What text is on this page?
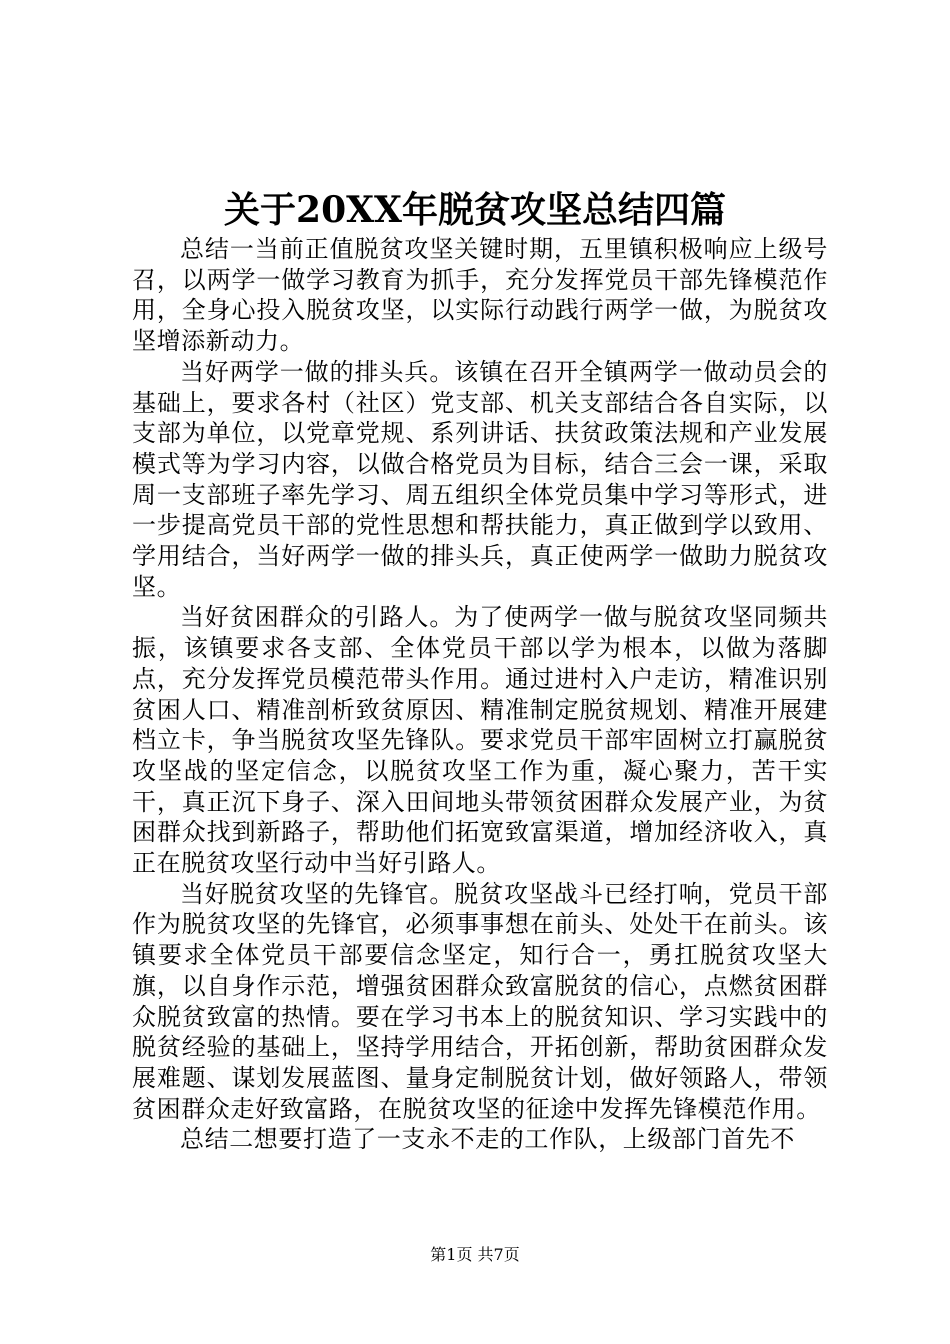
关于20XX年脱贫攻坚总结四篇

总结一当前正值脱贫攻坚关键时期，五里镇积极响应上级号召，以两学一做学习教育为抓手，充分发挥党员干部先锋模范作用，全身心投入脱贫攻坚，以实际行动践行两学一做，为脱贫攻坚增添新动力。

当好两学一做的排头兵。该镇在召开全镇两学一做动员会的基础上，要求各村（社区）党支部、机关支部结合各自实际，以支部为单位，以党章党规、系列讲话、扶贫政策法规和产业发展模式等为学习内容，以做合格党员为目标，结合三会一课，采取周一支部班子率先学习、周五组织全体党员集中学习等形式，进一步提高党员干部的党性思想和帮扶能力，真正做到学以致用、学用结合，当好两学一做的排头兵，真正使两学一做助力脱贫攻坚。

当好贫困群众的引路人。为了使两学一做与脱贫攻坚同频共振，该镇要求各支部、全体党员干部以学为根本，以做为落脚点，充分发挥党员模范带头作用。通过进村入户走访，精准识别贫困人口、精准剖析致贫原因、精准制定脱贫规划、精准开展建档立卡，争当脱贫攻坚先锋队。要求党员干部牢固树立打赢脱贫攻坚战的坚定信念，以脱贫攻坚工作为重，凝心聚力，苦干实干，真正沉下身子、深入田间地头带领贫困群众发展产业，为贫困群众找到新路子，帮助他们拓宽致富渠道，增加经济收入，真正在脱贫攻坚行动中当好引路人。

当好脱贫攻坚的先锋官。脱贫攻坚战斗已经打响，党员干部作为脱贫攻坚的先锋官，必须事事想在前头、处处干在前头。该镇要求全体党员干部要信念坚定，知行合一，勇扛脱贫攻坚大旗，以自身作示范，增强贫困群众致富脱贫的信心，点燃贫困群众脱贫致富的热情。要在学习书本上的脱贫知识、学习实践中的脱贫经验的基础上，坚持学用结合，开拓创新，帮助贫困群众发展难题、谋划发展蓝图、量身定制脱贫计划，做好领路人，带领贫困群众走好致富路，在脱贫攻坚的征途中发挥先锋模范作用。

总结二想要打造了一支永不走的工作队，上级部门首先不

第1页 共7页
